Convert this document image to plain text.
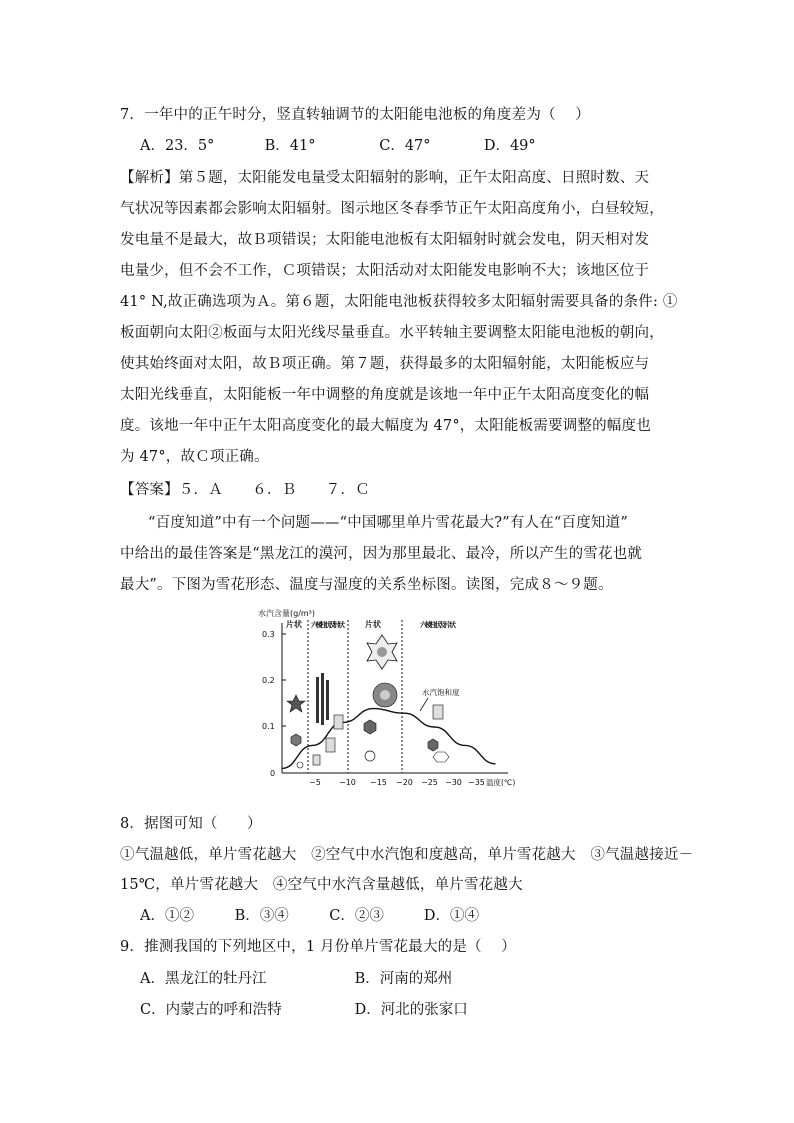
7．一年中的正午时分，竖直转轴调节的太阳能电池板的角度差为（　 ）
A．23．5°	B．41°	C．47°	D．49°
【解析】第５题，太阳能发电量受太阳辐射的影响，正午太阳高度、日照时数、天
气状况等因素都会影响太阳辐射。图示地区冬春季节正午太阳高度角小，白昼较短，
发电量不是最大，故Ｂ项错误；太阳能电池板有太阳辐射时就会发电，阴天相对发
电量少，但不会不工作，Ｃ项错误；太阳活动对太阳能发电影响不大；该地区位于
41° N,故正确选项为Ａ。第６题，太阳能电池板获得较多太阳辐射需要具备的条件: ①
板面朝向太阳②板面与太阳光线尽量垂直。水平转轴主要调整太阳能电池板的朝向，
使其始终面对太阳，故Ｂ项正确。第７题，获得最多的太阳辐射能，太阳能板应与
太阳光线垂直，太阳能板一年中调整的角度就是该地一年中正午太阳高度变化的幅
度。该地一年中正午太阳高度变化的最大幅度为 47°，太阳能板需要调整的幅度也
为 47°，故Ｃ项正确。
【答案】５．Ａ　　６．Ｂ　　７．Ｃ
“百度知道”中有一个问题——“中国哪里单片雪花最大?”有人在“百度知道”
中给出的最佳答案是“黑龙江的漠河，因为那里最北、最冷，所以产生的雪花也就
最大”。下图为雪花形态、温度与湿度的关系坐标图。读图，完成８～９题。
水汽含量(g/m³)
0
0.1
0.2
0.3
−5 −10 −15 −20 −25 −30 −35 温度(℃)
片状 六棱柱状及针状	片状	六棱柱状及片状
水汽饱和度
8．据图可知（　　）
①气温越低，单片雪花越大　②空气中水汽饱和度越高，单片雪花越大　③气温越接近－
15℃，单片雪花越大　④空气中水汽含量越低，单片雪花越大
A．①②	B．③④	C．②③	D．①④
9．推测我国的下列地区中，1 月份单片雪花最大的是（　 ）
A．黑龙江的牡丹江	B．河南的郑州
C．内蒙古的呼和浩特	D．河北的张家口
